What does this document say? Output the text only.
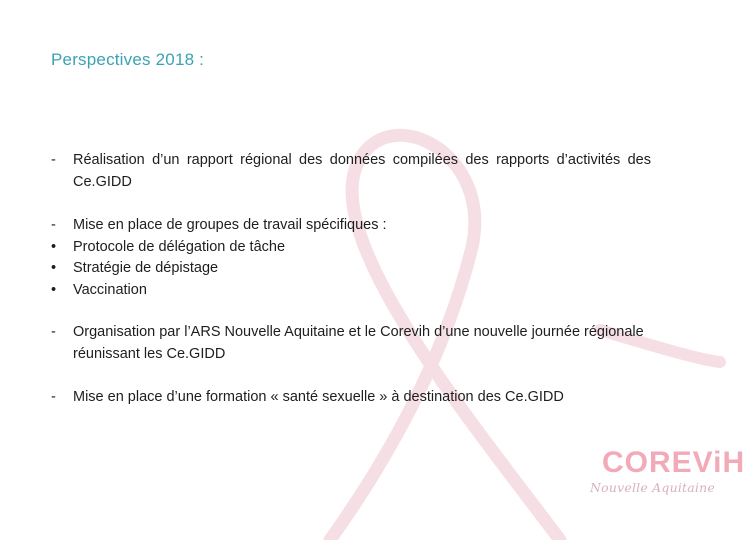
Perspectives 2018 :
-	Réalisation d’un rapport régional des données compilées des rapports d’activités des Ce.GIDD
-	Mise en place de groupes de travail spécifiques :
•	Protocole de délégation de tâche
•	Stratégie de dépistage
•	Vaccination
-	Organisation par l’ARS Nouvelle Aquitaine et le Corevih d’une nouvelle journée régionale réunissant les Ce.GIDD
-	Mise en place d’une formation « santé sexuelle » à destination des Ce.GIDD
COREViH
Nouvelle Aquitaine
